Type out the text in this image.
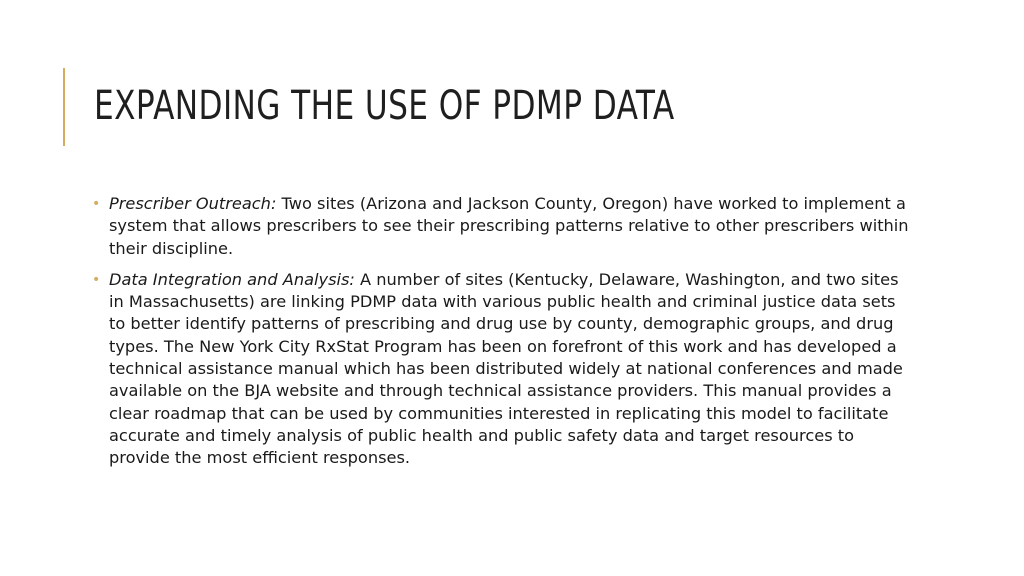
EXPANDING THE USE OF PDMP DATA
• Prescriber Outreach: Two sites (Arizona and Jackson County, Oregon) have worked to implement a system that allows prescribers to see their prescribing patterns relative to other prescribers within their discipline.
• Data Integration and Analysis: A number of sites (Kentucky, Delaware, Washington, and two sites in Massachusetts) are linking PDMP data with various public health and criminal justice data sets to better identify patterns of prescribing and drug use by county, demographic groups, and drug types. The New York City RxStat Program has been on forefront of this work and has developed a technical assistance manual which has been distributed widely at national conferences and made available on the BJA website and through technical assistance providers. This manual provides a clear roadmap that can be used by communities interested in replicating this model to facilitate accurate and timely analysis of public health and public safety data and target resources to provide the most efficient responses.
